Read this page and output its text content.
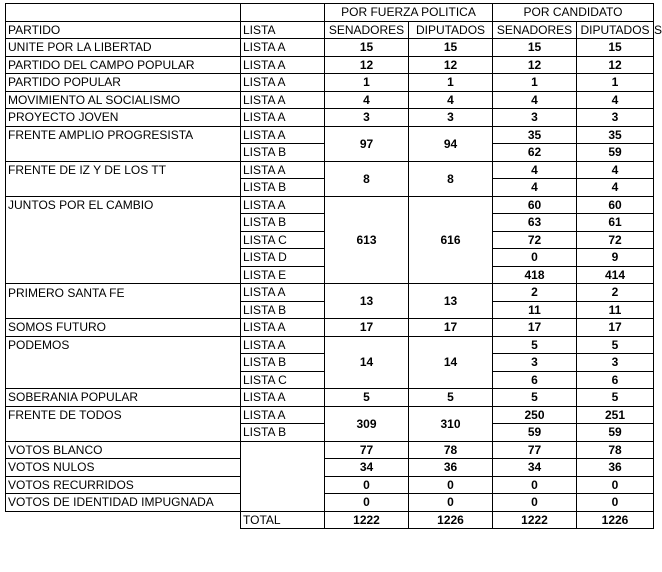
		POR FUERZA POLITICA		POR CANDIDATO	
PARTIDO	LISTA	SENADORES	DIPUTADOS	SENADORES	DIPUTADOS
UNITE POR LA LIBERTAD	LISTA A	15	15	15	15
PARTIDO DEL CAMPO POPULAR	LISTA A	12	12	12	12
PARTIDO POPULAR	LISTA A	1	1	1	1
MOVIMIENTO AL SOCIALISMO	LISTA A	4	4	4	4
PROYECTO JOVEN	LISTA A	3	3	3	3
FRENTE AMPLIO PROGRESISTA	LISTA A	97	94	35	35
	LISTA B			62	59
FRENTE DE IZ Y DE LOS TT	LISTA A	8	8	4	4
	LISTA B			4	4
JUNTOS POR EL CAMBIO	LISTA A	613	616	60	60
	LISTA B			63	61
	LISTA C			72	72
	LISTA D			0	9
	LISTA E			418	414
PRIMERO SANTA FE	LISTA A	13	13	2	2
	LISTA B			11	11
SOMOS FUTURO	LISTA A	17	17	17	17
PODEMOS	LISTA A	14	14	5	5
	LISTA B			3	3
	LISTA C			6	6
SOBERANIA POPULAR	LISTA A	5	5	5	5
FRENTE DE TODOS	LISTA A	309	310	250	251
	LISTA B			59	59
VOTOS BLANCO		77	78	77	78
VOTOS NULOS		34	36	34	36
VOTOS RECURRIDOS		0	0	0	0
VOTOS DE IDENTIDAD IMPUGNADA		0	0	0	0
	TOTAL	1222	1226	1222	1226
S
